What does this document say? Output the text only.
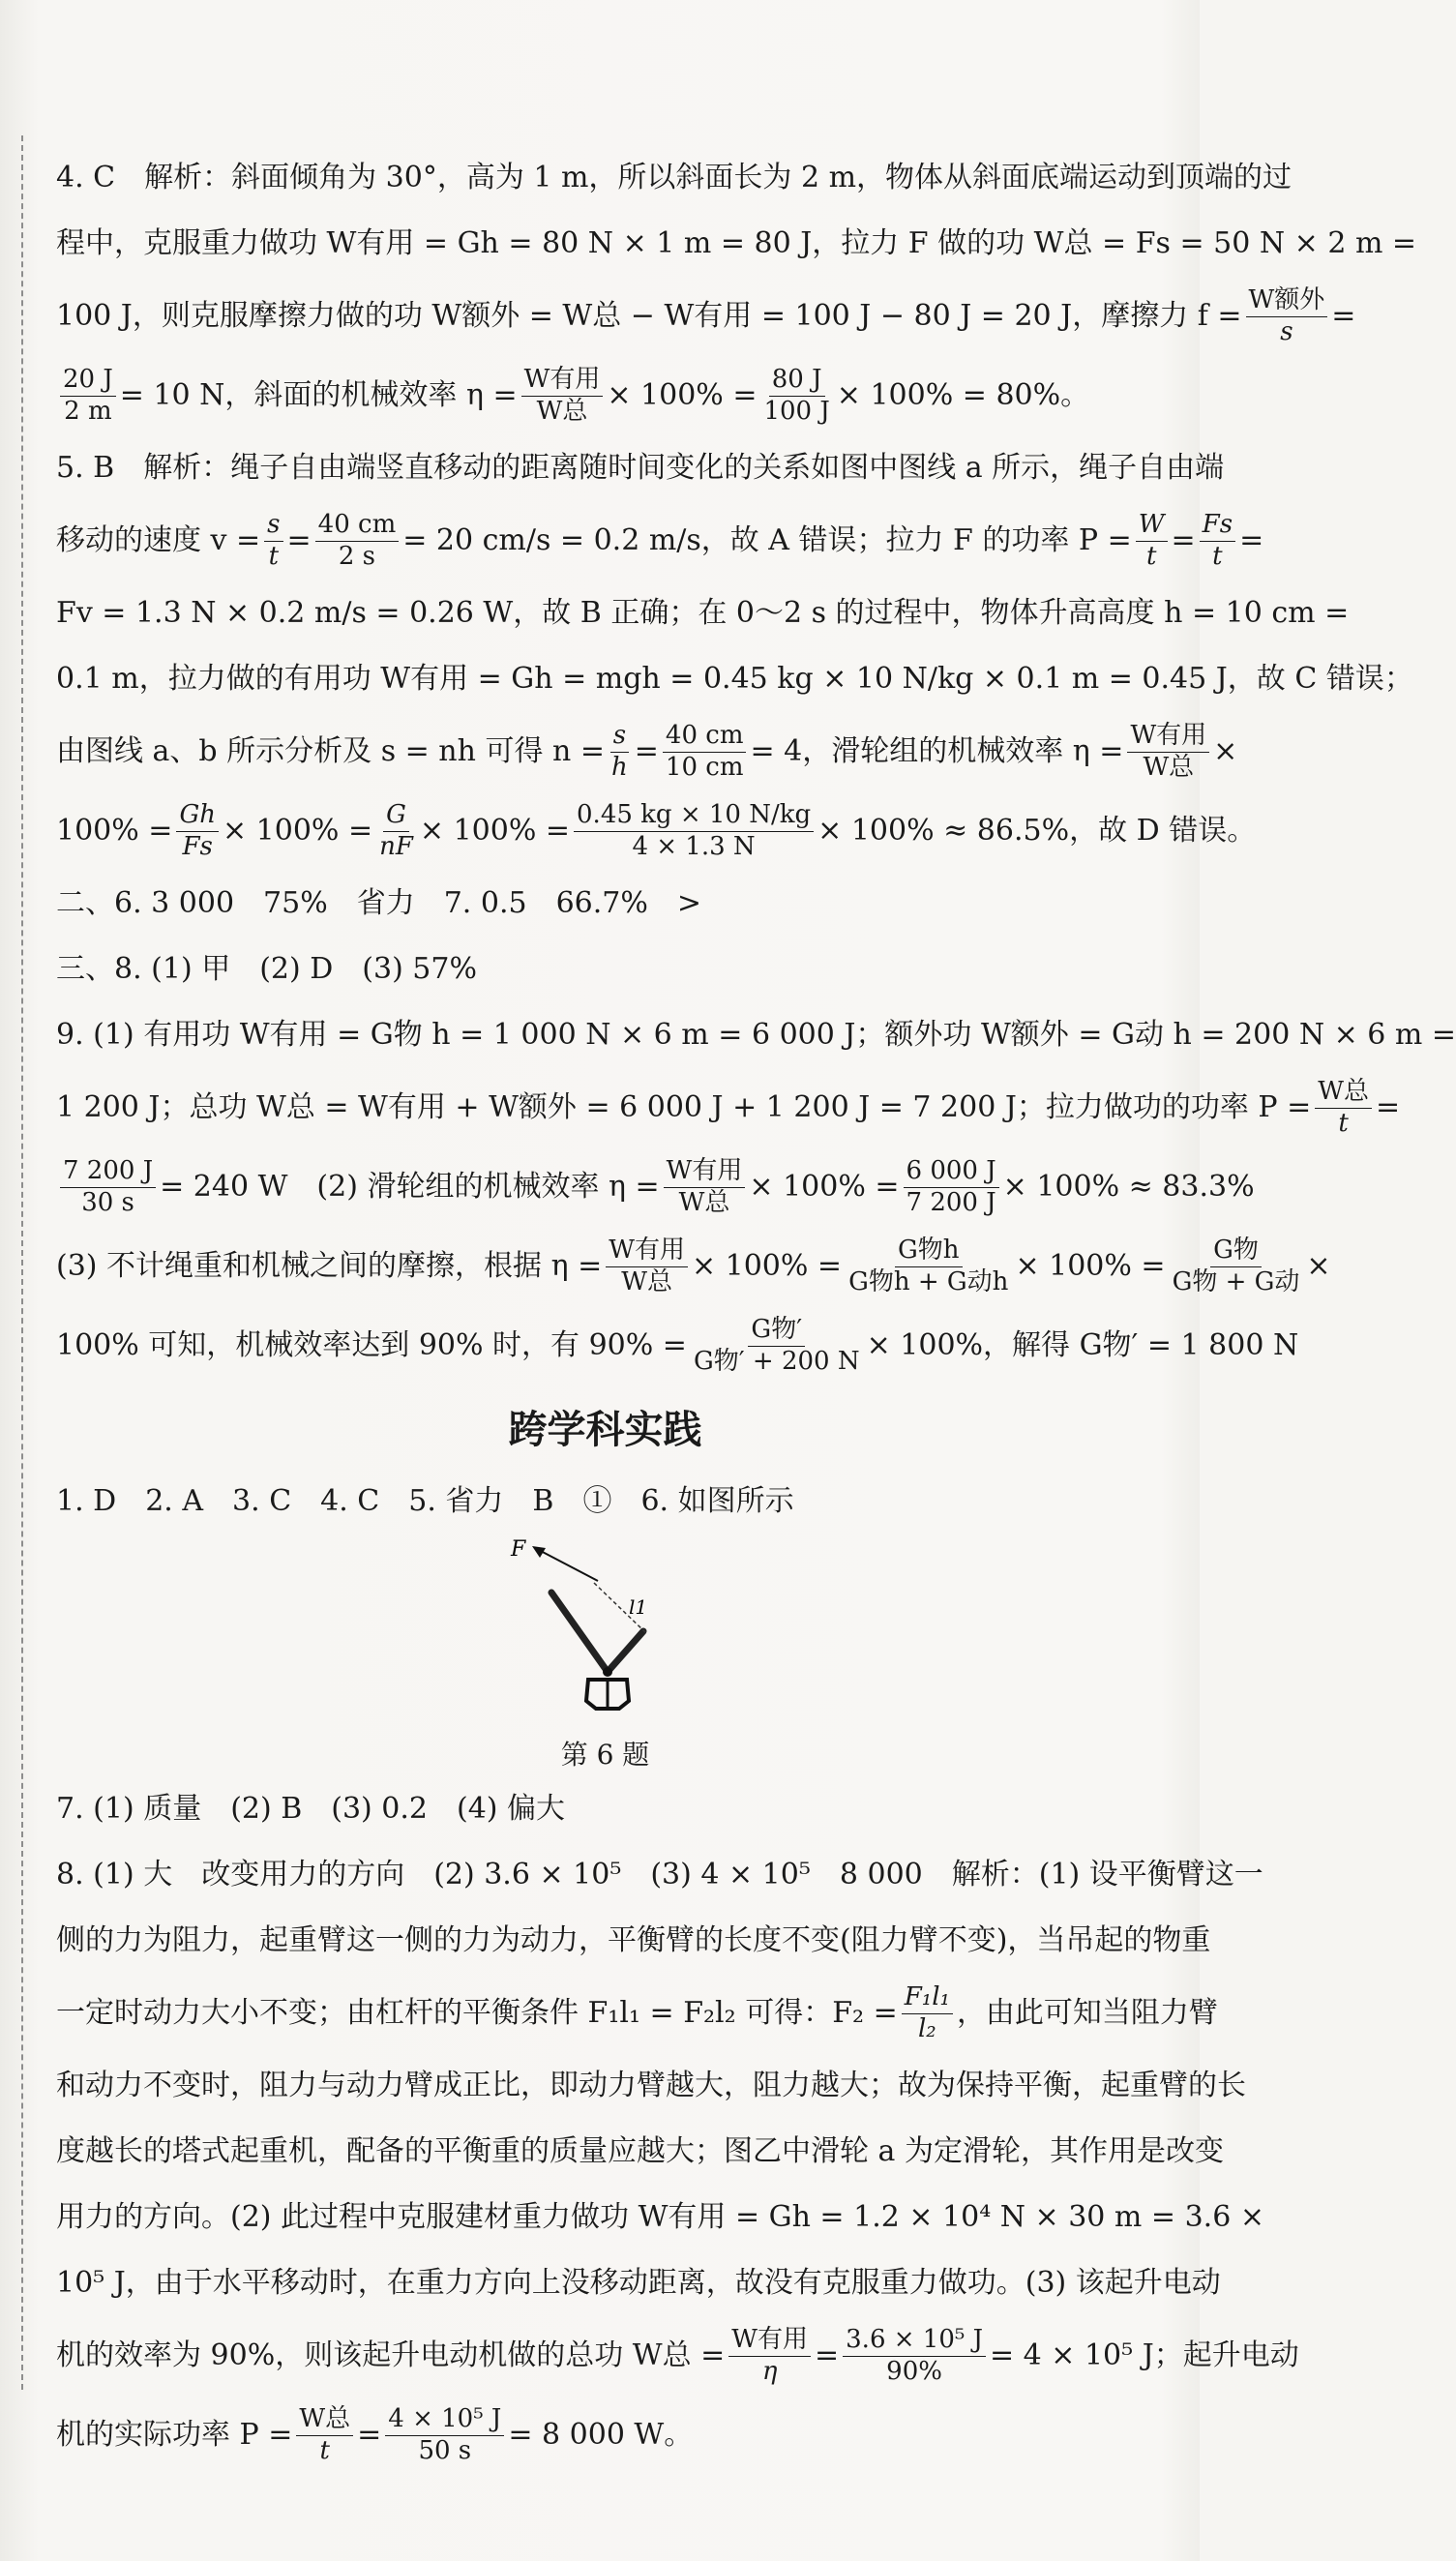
4. C　解析：斜面倾角为 30°，高为 1 m，所以斜面长为 2 m，物体从斜面底端运动到顶端的过
程中，克服重力做功 W有用 = Gh = 80 N × 1 m = 80 J，拉力 F 做的功 W总 = Fs = 50 N × 2 m =
100 J，则克服摩擦力做的功 W额外 = W总 − W有用 = 100 J − 80 J = 20 J，摩擦力 $f = \frac{\text{W额外}}{s}$ =
$\frac{20 J}{2 m} = 10$ N，斜面的机械效率 $\eta = \frac{\text{W有用}}{\text{W总}} \times 100\% = \frac{80 J}{100 J} \times 100\% = 80\%$。
5. B　解析：绳子自由端竖直移动的距离随时间变化的关系如图中图线 a 所示，绳子自由端
移动的速度 $v = \frac{s}{t} = \frac{40 cm}{2 s} = 20$ cm/s = 0.2 m/s，故 A 错误；拉力 F 的功率 $P = \frac{W}{t} = \frac{Fs}{t}$ =
Fv = 1.3 N × 0.2 m/s = 0.26 W，故 B 正确；在 0～2 s 的过程中，物体升高高度 h = 10 cm =
0.1 m，拉力做的有用功 W有用 = Gh = mgh = 0.45 kg × 10 N/kg × 0.1 m = 0.45 J，故 C 错误；
由图线 a、b 所示分析及 s = nh 可得 $n = \frac{s}{h} = \frac{40 cm}{10 cm} = 4$，滑轮组的机械效率 $\eta = \frac{\text{W有用}}{\text{W总}}$ ×
$100\% = \frac{Gh}{Fs} \times 100\% = \frac{G}{nF} \times 100\% = \frac{0.45 kg \times 10 N/kg}{4 \times 1.3 N} \times 100\% \approx 86.5\%$，故 D 错误。
二、6. 3 000　75%　省力　7. 0.5　66.7%　>
三、8. (1) 甲　(2) D　(3) 57%
9. (1) 有用功 W有用 = G物 h = 1 000 N × 6 m = 6 000 J；额外功 W额外 = G动 h = 200 N × 6 m =
1 200 J；总功 W总 = W有用 + W额外 = 6 000 J + 1 200 J = 7 200 J；拉力做功的功率 $P = \frac{\text{W总}}{t}$ =
$\frac{7 200 J}{30 s} = 240$ W　(2) 滑轮组的机械效率 $\eta = \frac{\text{W有用}}{\text{W总}} \times 100\% = \frac{6 000 J}{7 200 J} \times 100\% \approx 83.3\%$
(3) 不计绳重和机械之间的摩擦，根据 $\eta = \frac{\text{W有用}}{\text{W总}} \times 100\% = \frac{\text{G物h}}{\text{G物h + G动h}} \times 100\% = \frac{\text{G物}}{\text{G物 + G动}}$ ×
100% 可知，机械效率达到 90% 时，有 $90\% = \frac{\text{G物′}}{\text{G物′ + 200 N}} \times 100\%$，解得 G物′ = 1 800 N
跨学科实践
1. D　2. A　3. C　4. C　5. 省力　B　①　6. 如图所示
F
l1
第 6 题
7. (1) 质量　(2) B　(3) 0.2　(4) 偏大
8. (1) 大　改变用力的方向　(2) 3.6 × 10⁵　(3) 4 × 10⁵　8 000　解析：(1) 设平衡臂这一
侧的力为阻力，起重臂这一侧的力为动力，平衡臂的长度不变(阻力臂不变)，当吊起的物重
一定时动力大小不变；由杠杆的平衡条件 F₁l₁ = F₂l₂ 可得：$F_2 = \frac{\text{F₁l₁}}{\text{l₂}}$ ，由此可知当阻力臂
和动力不变时，阻力与动力臂成正比，即动力臂越大，阻力越大；故为保持平衡，起重臂的长
度越长的塔式起重机，配备的平衡重的质量应越大；图乙中滑轮 a 为定滑轮，其作用是改变
用力的方向。(2) 此过程中克服建材重力做功 W有用 = Gh = 1.2 × 10⁴ N × 30 m = 3.6 ×
10⁵ J，由于水平移动时，在重力方向上没移动距离，故没有克服重力做功。(3) 该起升电动
机的效率为 90%，则该起升电动机做的总功 W总 = $\frac{\text{W有用}}{\eta} = \frac{\text{3.6 × 10⁵ J}}{90\%} = 4 \times 10^5$ J；起升电动
机的实际功率 $P = \frac{\text{W总}}{t} = \frac{\text{4 × 10⁵ J}}{50 s} = 8$ 000 W。
